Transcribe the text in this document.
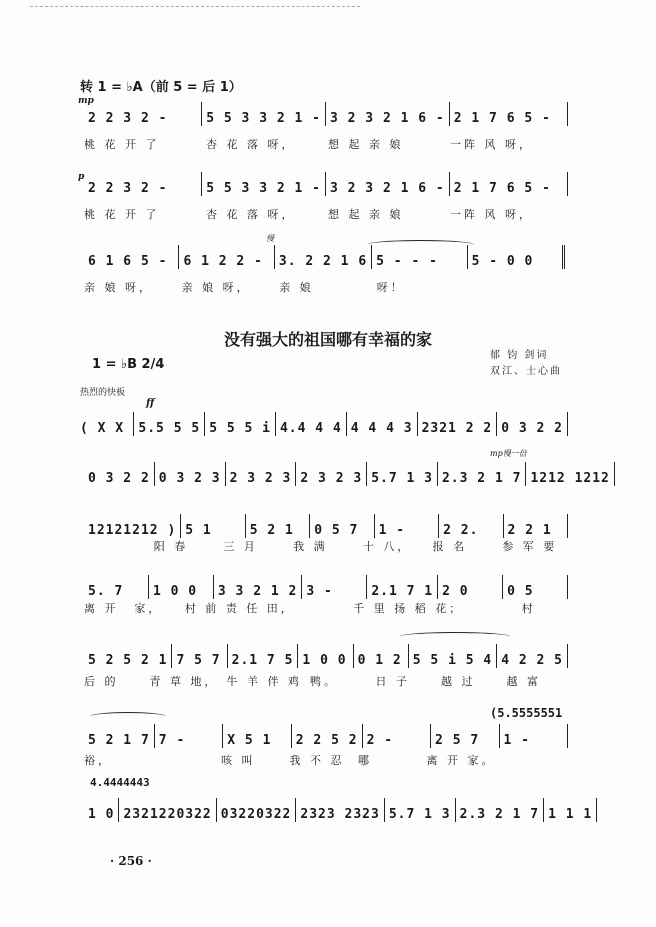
转 1 = ♭A（前 5 = 后 1）
mp
2 2 3 2 -	5 5 3 3 2 1 - 3 2 3 2 1 6 - 2 1 7 6 5 -
桃 花 开 了	杏 花 落 呀，	想 起 亲 娘	一阵 风 呀，
p
2 2 3 2 -	5 5 3 3 2 1 - 3 2 3 2 1 6 - 2 1 7 6 5 -
桃 花 开 了	杏 花 落 呀，	想 起 亲 娘	一阵 风 呀，
慢
6 1 6 5 -	6 1 2 2 -	3. 2 2 1 6 5 - - -	5 - 0 0
亲 娘 呀，	亲 娘 呀，	亲 娘	呀！
没有强大的祖国哪有幸福的家
1 = ♭B 2/4
郁 钧 剑词
双江、士心曲
热烈的快板
ff
( X X	5.5 5 5 5 5 5 i 4.4 4 4 4 4 4 3 2321 2 2 0 3 2 2
mp慢一倍
0 3 2 2 0 3 2 3 2 3 2 3 2 3 2 3 5.7 1 3 2.3 2 1 7 1212 1212
12121212 ) 5 1	5 2 1	0 5 7	1 -	2 2.	2 2 1
阳 春	三 月	我 满	十 八，	报 名	参 军 要
5. 7	1 0 0	3 3 2 1 2 3 -	2.1 7 1 2 0	0 5
离 开	家，	村 前 责 任 田，	千 里 扬 稻 花；	村
5 2 5 2 1 7 5 7 2.1 7 5 1 0 0 0 1 2 5 5 i 5 4 4 2 2 5
后 的	青 草 地， 牛 羊 伴 鸡 鸭。	日 子	越 过	越 富
(5.5555551
5 2 1 7 7 -	X 5 1	2 2 5 2 2 -	2 5 7	1 -
裕，	咳 叫	我 不 忍	哪	离 开 家。
4.4444443
1 0 2321220322 03220322 2323 2323 5.7 1 3 2.3 2 1 7 1 1 1
· 256 ·
